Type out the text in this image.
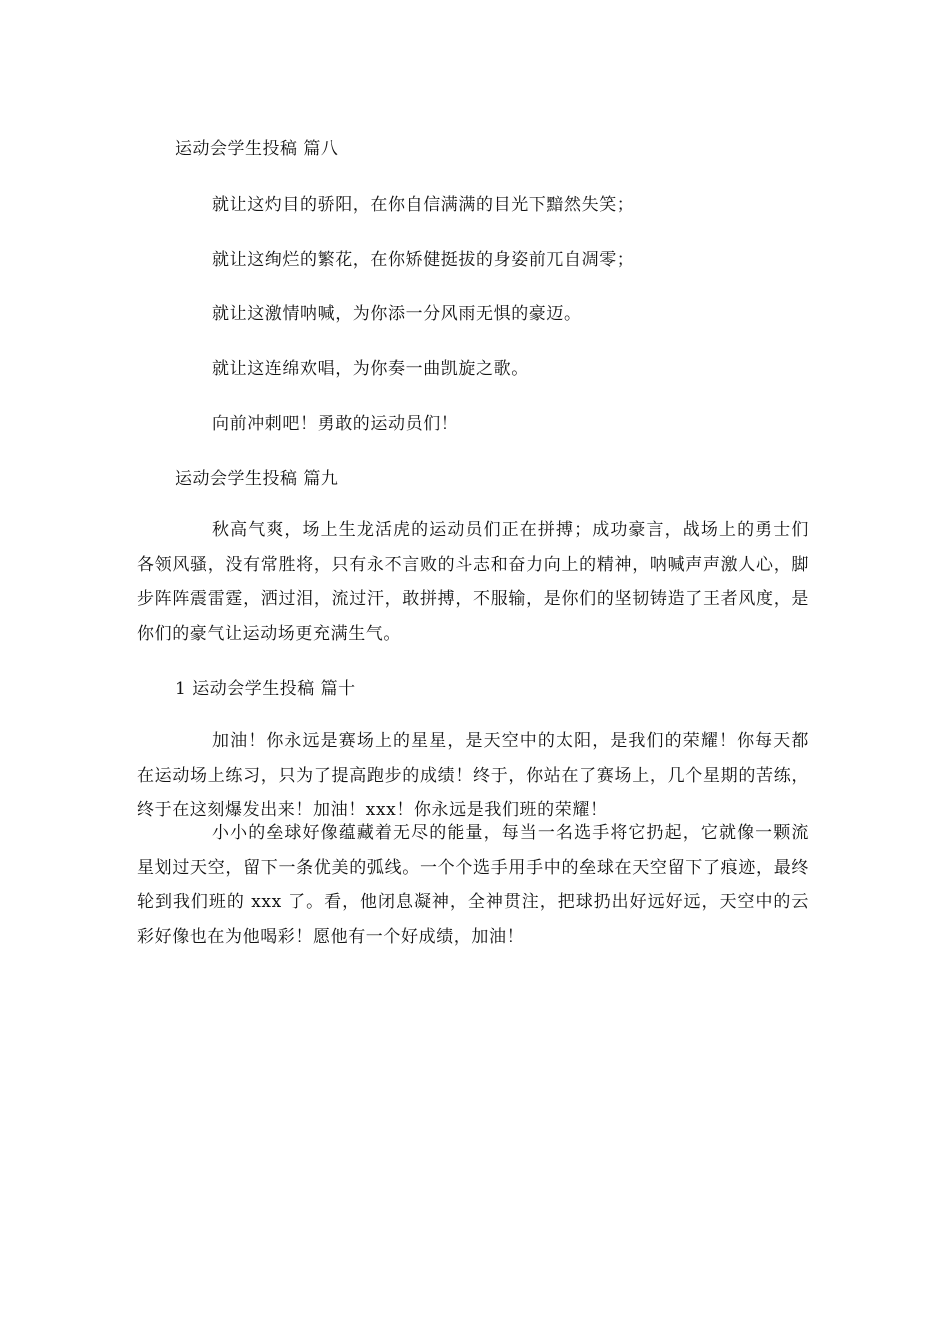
运动会学生投稿 篇八
就让这灼目的骄阳，在你自信满满的目光下黯然失笑；
就让这绚烂的繁花，在你矫健挺拔的身姿前兀自凋零；
就让这激情呐喊，为你添一分风雨无惧的豪迈。
就让这连绵欢唱，为你奏一曲凯旋之歌。
向前冲刺吧！勇敢的运动员们！
运动会学生投稿 篇九

秋高气爽，场上生龙活虎的运动员们正在拼搏；成功豪言，战场上的勇士们各领风骚，没有常胜将，只有永不言败的斗志和奋力向上的精神，呐喊声声激人心，脚步阵阵震雷霆，洒过泪，流过汗，敢拼搏，不服输，是你们的坚韧铸造了王者风度，是你们的豪气让运动场更充满生气。

1 运动会学生投稿 篇十

加油！你永远是赛场上的星星，是天空中的太阳，是我们的荣耀！你每天都在运动场上练习，只为了提高跑步的成绩！终于，你站在了赛场上，几个星期的苦练，终于在这刻爆发出来！加油！xxx！你永远是我们班的荣耀！

小小的垒球好像蕴藏着无尽的能量，每当一名选手将它扔起，它就像一颗流星划过天空，留下一条优美的弧线。一个个选手用手中的垒球在天空留下了痕迹，最终轮到我们班的 xxx 了。看，他闭息凝神，全神贯注，把球扔出好远好远，天空中的云彩好像也在为他喝彩！愿他有一个好成绩，加油！
